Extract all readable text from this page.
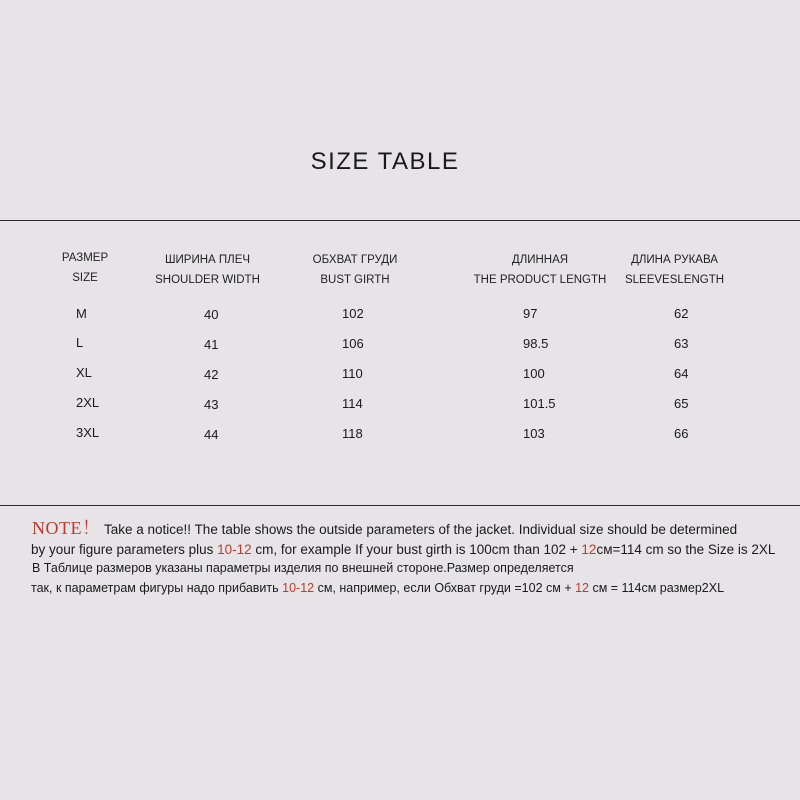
SIZE TABLE
РАЗМЕР
SIZE
ШИРИНА ПЛЕЧ
SHOULDER WIDTH
ОБХВАТ ГРУДИ
BUST GIRTH
ДЛИННАЯ
THE PRODUCT LENGTH
ДЛИНА РУКАВА
SLEEVESLENGTH
M	40	102	97	62
L	41	106	98.5	63
XL	42	110	100	64
2XL	43	114	101.5	65
3XL	44	118	103	66
NOTE！ Take a notice!! The table shows the outside parameters of the jacket. Individual size should be determined
by your figure parameters plus 10-12 cm, for example If your bust girth is 100cm than 102 + 12см=114 cm so the Size is 2XL
В Таблице размеров указаны параметры изделия по внешней стороне.Размер определяется
так, к параметрам фигуры надо прибавить 10-12 см, например, если Обхват груди =102 см + 12 см = 114см размер2XL
